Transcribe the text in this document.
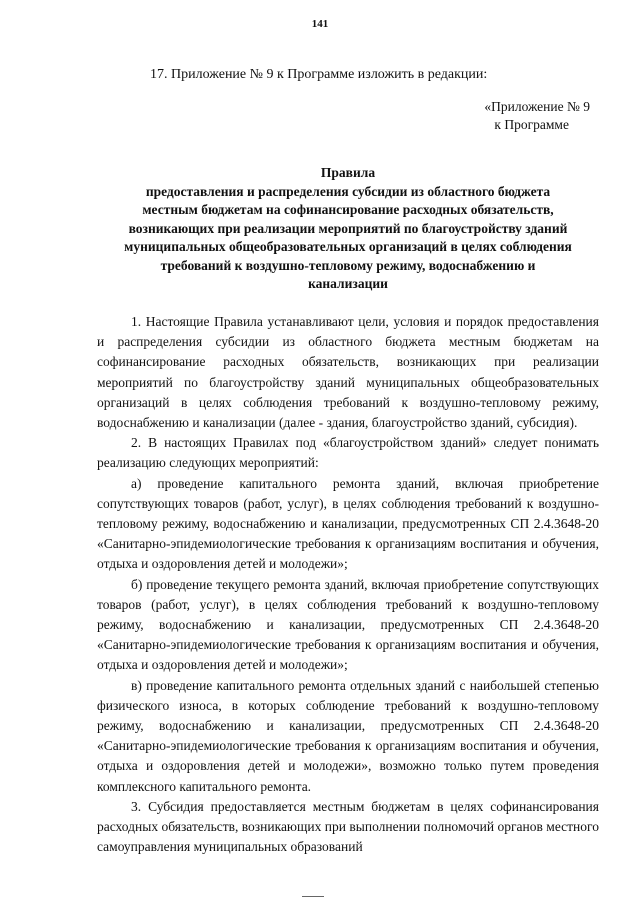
141
17. Приложение № 9 к Программе изложить в редакции:
«Приложение № 9
к Программе
Правила
предоставления и распределения субсидии из областного бюджета
местным бюджетам на софинансирование расходных обязательств,
возникающих при реализации мероприятий по благоустройству зданий
муниципальных общеобразовательных организаций в целях соблюдения
требований к воздушно-тепловому режиму, водоснабжению и
канализации

1. Настоящие Правила устанавливают цели, условия и порядок предоставления и распределения субсидии из областного бюджета местным бюджетам на софинансирование расходных обязательств, возникающих при реализации мероприятий по благоустройству зданий муниципальных общеобразовательных организаций в целях соблюдения требований к воздушно-тепловому режиму, водоснабжению и канализации (далее - здания, благоустройство зданий, субсидия).

2. В настоящих Правилах под «благоустройством зданий» следует понимать реализацию следующих мероприятий:

а) проведение капитального ремонта зданий, включая приобретение сопутствующих товаров (работ, услуг), в целях соблюдения требований к воздушно-тепловому режиму, водоснабжению и канализации, предусмотренных СП 2.4.3648-20 «Санитарно-эпидемиологические требования к организациям воспитания и обучения, отдыха и оздоровления детей и молодежи»;

б) проведение текущего ремонта зданий, включая приобретение сопутствующих товаров (работ, услуг), в целях соблюдения требований к воздушно-тепловому режиму, водоснабжению и канализации, предусмотренных СП 2.4.3648-20 «Санитарно-эпидемиологические требования к организациям воспитания и обучения, отдыха и оздоровления детей и молодежи»;

в) проведение капитального ремонта отдельных зданий с наибольшей степенью физического износа, в которых соблюдение требований к воздушно-тепловому режиму, водоснабжению и канализации, предусмотренных СП 2.4.3648-20 «Санитарно-эпидемиологические требования к организациям воспитания и обучения, отдыха и оздоровления детей и молодежи», возможно только путем проведения комплексного капитального ремонта.

3. Субсидия предоставляется местным бюджетам в целях софинансирования расходных обязательств, возникающих при выполнении полномочий органов местного самоуправления муниципальных образований
